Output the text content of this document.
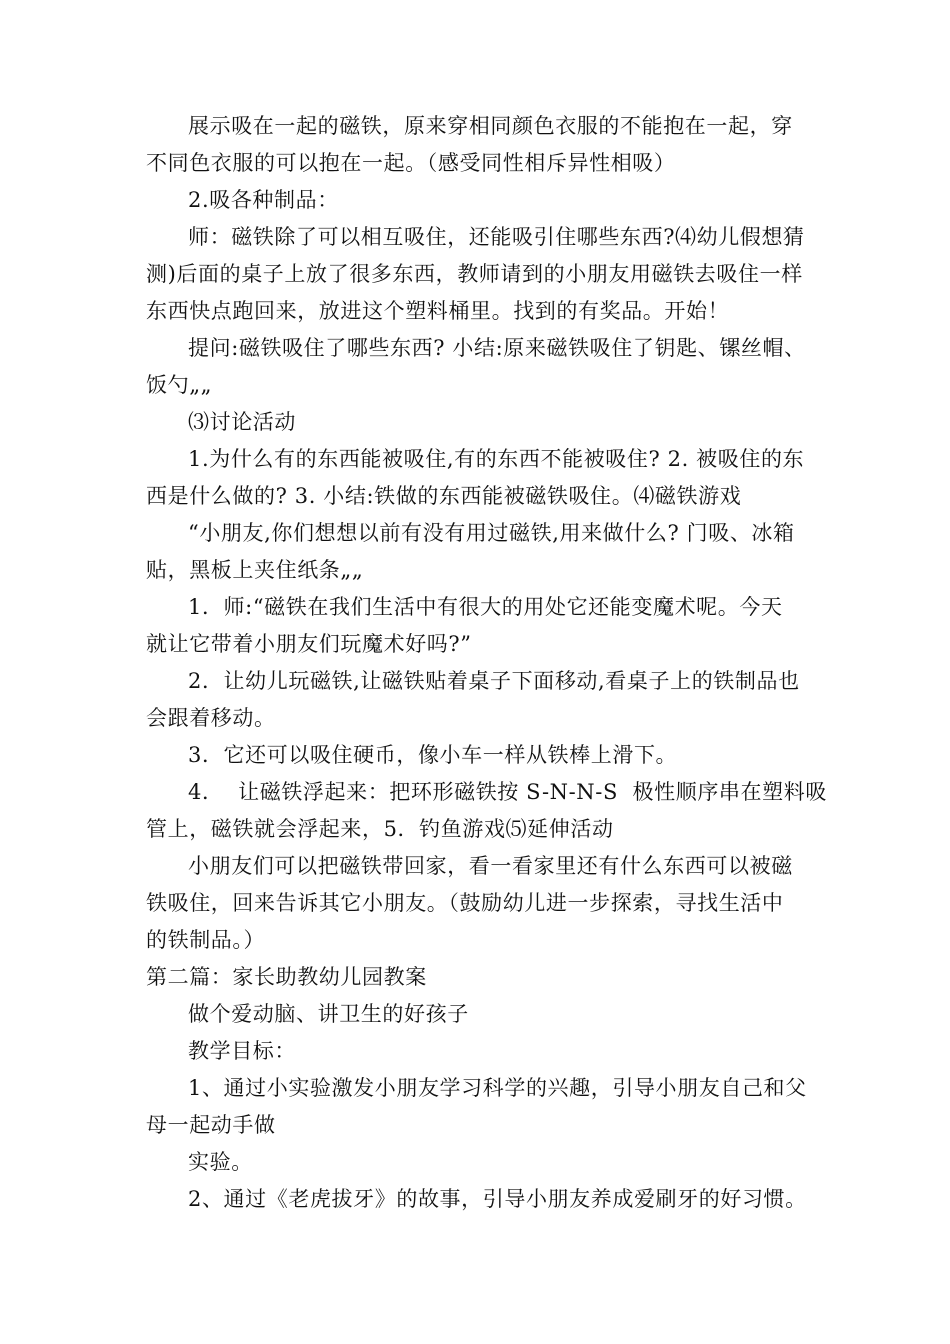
展示吸在一起的磁铁，原来穿相同颜色衣服的不能抱在一起，穿
不同色衣服的可以抱在一起。（感受同性相斥异性相吸）
2.吸各种制品：
师：磁铁除了可以相互吸住，还能吸引住哪些东西?⑷幼儿假想猜
测)后面的桌子上放了很多东西，教师请到的小朋友用磁铁去吸住一样
东西快点跑回来，放进这个塑料桶里。找到的有奖品。开始！
提问:磁铁吸住了哪些东西? 小结:原来磁铁吸住了钥匙、镙丝帽、
饭勺„„
⑶讨论活动
1.为什么有的东西能被吸住,有的东西不能被吸住? 2. 被吸住的东
西是什么做的? 3. 小结:铁做的东西能被磁铁吸住。⑷磁铁游戏
“小朋友,你们想想以前有没有用过磁铁,用来做什么? 门吸、冰箱
贴，黑板上夹住纸条„„
1．师:“磁铁在我们生活中有很大的用处它还能变魔术呢。今天
就让它带着小朋友们玩魔术好吗?”
2．让幼儿玩磁铁,让磁铁贴着桌子下面移动,看桌子上的铁制品也
会跟着移动。
3．它还可以吸住硬币，像小车一样从铁棒上滑下。
4．  让磁铁浮起来：把环形磁铁按 S-N-N-S  极性顺序串在塑料吸
管上，磁铁就会浮起来，5．钓鱼游戏⑸延伸活动
小朋友们可以把磁铁带回家，看一看家里还有什么东西可以被磁
铁吸住，回来告诉其它小朋友。（鼓励幼儿进一步探索，寻找生活中
的铁制品。）
第二篇：家长助教幼儿园教案
做个爱动脑、讲卫生的好孩子
教学目标：
1、通过小实验激发小朋友学习科学的兴趣，引导小朋友自己和父
母一起动手做
实验。
2、通过《老虎拔牙》的故事，引导小朋友养成爱刷牙的好习惯。
